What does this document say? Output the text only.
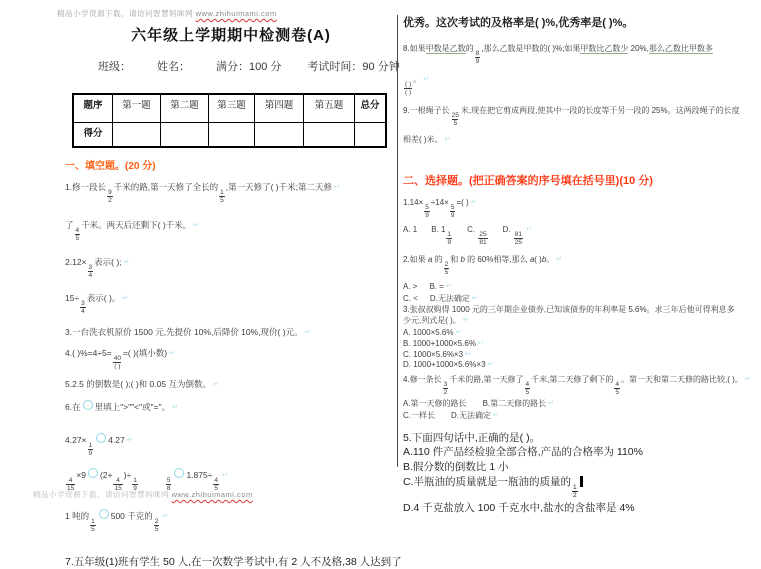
精品小学资源下载，请访问智慧妈咪网 www.zhihuimami.com
六年级上学期期中检测卷(A)
班级： 姓名： 满分：100 分 考试时间：90 分钟
题序	第一题	第二题	第三题	第四题	第五题	总分
得分						
一、填空题。(20 分)
1.修一段长
$\frac{9}{2}$
千米的路,第一天修了全长的
$\frac{1}{5}$
,第一天修了( )千米;第二天修 ↵
了
$\frac{4}{5}$
千米。两天后还剩下( )千米。 ↵
2.12×
$\frac{3}{4}$
表示( ); ↵
15÷
$\frac{3}{4}$
表示( )。 ↵
3.一台洗衣机原价 1500 元,先提价 10%,后降价 10%,现价( )元。 ↵
4.( )%=4÷5=
$\frac{40}{( )}$
=( )(填小数) ↵
5.2.5 的倒数是( );( )和 0.05 互为倒数。 ↵
6.在 里填上">""<"或"="。 ↵
4.27×
$\frac{1}{9}$
4.27 ↵
$\frac{4}{15}$
×9 (2+
$\frac{4}{15}$
)÷
$\frac{1}{9}$	$\frac{5}{8}$
1.875÷
$\frac{4}{5}$
↵
1 吨的
$\frac{1}{5}$
500 千克的
$\frac{2}{5}$
↵
7.五年级(1)班有学生 50 人,在一次数学考试中,有 2 人不及格,38 人达到了
优秀。这次考试的及格率是( )%,优秀率是( )%。
8.如果甲数是乙数的
$\frac{8}{9}$
,那么乙数是甲数的( )%;如果甲数比乙数少 20%,那么乙数比甲数多
$\frac{( )}{( )}$
。 ↵
9.一根绳子长
$\frac{25}{5}$
米,现在把它剪成两段,使其中一段的长度等于另一段的 25%。这两段绳子的长度
相差( )米。 ↵
二、选择题。(把正确答案的序号填在括号里)(10 分)
1.14×
$\frac{5}{9}$
÷14×
$\frac{5}{9}$
=( ) ↵
A. 1 B. 1
$\frac{1}{9}$
C.
$\frac{25}{81}$
D.
$\frac{81}{25}$
↵
2.如果 a 的
$\frac{2}{5}$
和 b 的 60%相等,那么 a( )b。 ↵
A. > B. = ↵
C. < D.无法确定 ↵
3.张叔叔购得 1000 元的三年期企业债券,已知该债券的年利率是 5.6%。求三年后他可得利息多
少元,列式是( )。 ↵
A. 1000×5.6% ↵
B. 1000+1000×5.6% ↵
C. 1000×5.6%×3 ↵
D. 1000+1000×5.6%×3 ↵
4.修一条长
$\frac{3}{2}$
千米的路,第一天修了
$\frac{4}{5}$
千米,第二天修了剩下的
$\frac{4}{5}$
。第一天和第二天修的路比较,( )。 ↵
A.第一天修的路长 B.第二天修的路长 ↵
C.一样长 D.无法确定 ↵
5.下面四句话中,正确的是( )。
A.110 件产品经检验全部合格,产品的合格率为 110%
B.假分数的倒数比 1 小
C.半瓶油的质量就是一瓶油的质量的
$\frac{1}{2}$
D.4 千克盐放入 100 千克水中,盐水的含盐率是 4%
精品小学资源下载，请访问智慧妈咪网 www.zhihuimami.com
